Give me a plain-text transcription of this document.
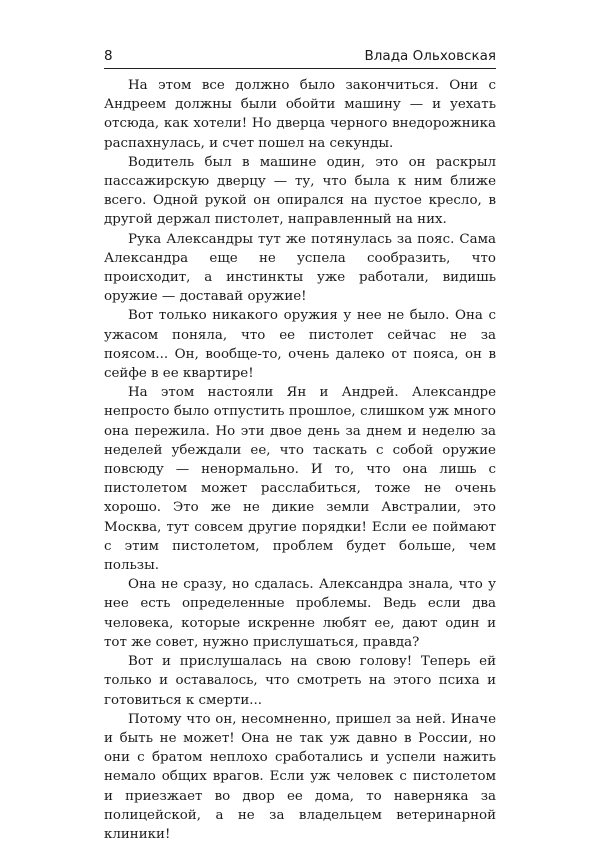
8	Влада Ольховская

На этом все должно было закончиться. Они с Андреем должны были обойти машину — и уехать отсюда, как хотели! Но дверца черного внедорожника распахнулась, и счет пошел на секунды.

Водитель был в машине один, это он раскрыл пассажирскую дверцу — ту, что была к ним ближе всего. Одной рукой он опирался на пустое кресло, в другой держал пистолет, направленный на них.

Рука Александры тут же потянулась за пояс. Сама Александра еще не успела сообразить, что происходит, а инстинкты уже работали, видишь оружие — доставай оружие!

Вот только никакого оружия у нее не было. Она с ужасом поняла, что ее пистолет сейчас не за поясом... Он, вообще-то, очень далеко от пояса, он в сейфе в ее квартире!

На этом настояли Ян и Андрей. Александре непросто было отпустить прошлое, слишком уж много она пережила. Но эти двое день за днем и неделю за неделей убеждали ее, что таскать с собой оружие повсюду — ненормально. И то, что она лишь с пистолетом может расслабиться, тоже не очень хорошо. Это же не дикие земли Австралии, это Москва, тут совсем другие порядки! Если ее поймают с этим пистолетом, проблем будет больше, чем пользы.

Она не сразу, но сдалась. Александра знала, что у нее есть определенные проблемы. Ведь если два человека, которые искренне любят ее, дают один и тот же совет, нужно прислушаться, правда?

Вот и прислушалась на свою голову! Теперь ей только и оставалось, что смотреть на этого психа и готовиться к смерти...

Потому что он, несомненно, пришел за ней. Иначе и быть не может! Она не так уж давно в России, но они с братом неплохо сработались и успели нажить немало общих врагов. Если уж человек с пистолетом и приезжает во двор ее дома, то наверняка за полицейской, а не за владельцем ветеринарной клиники!
